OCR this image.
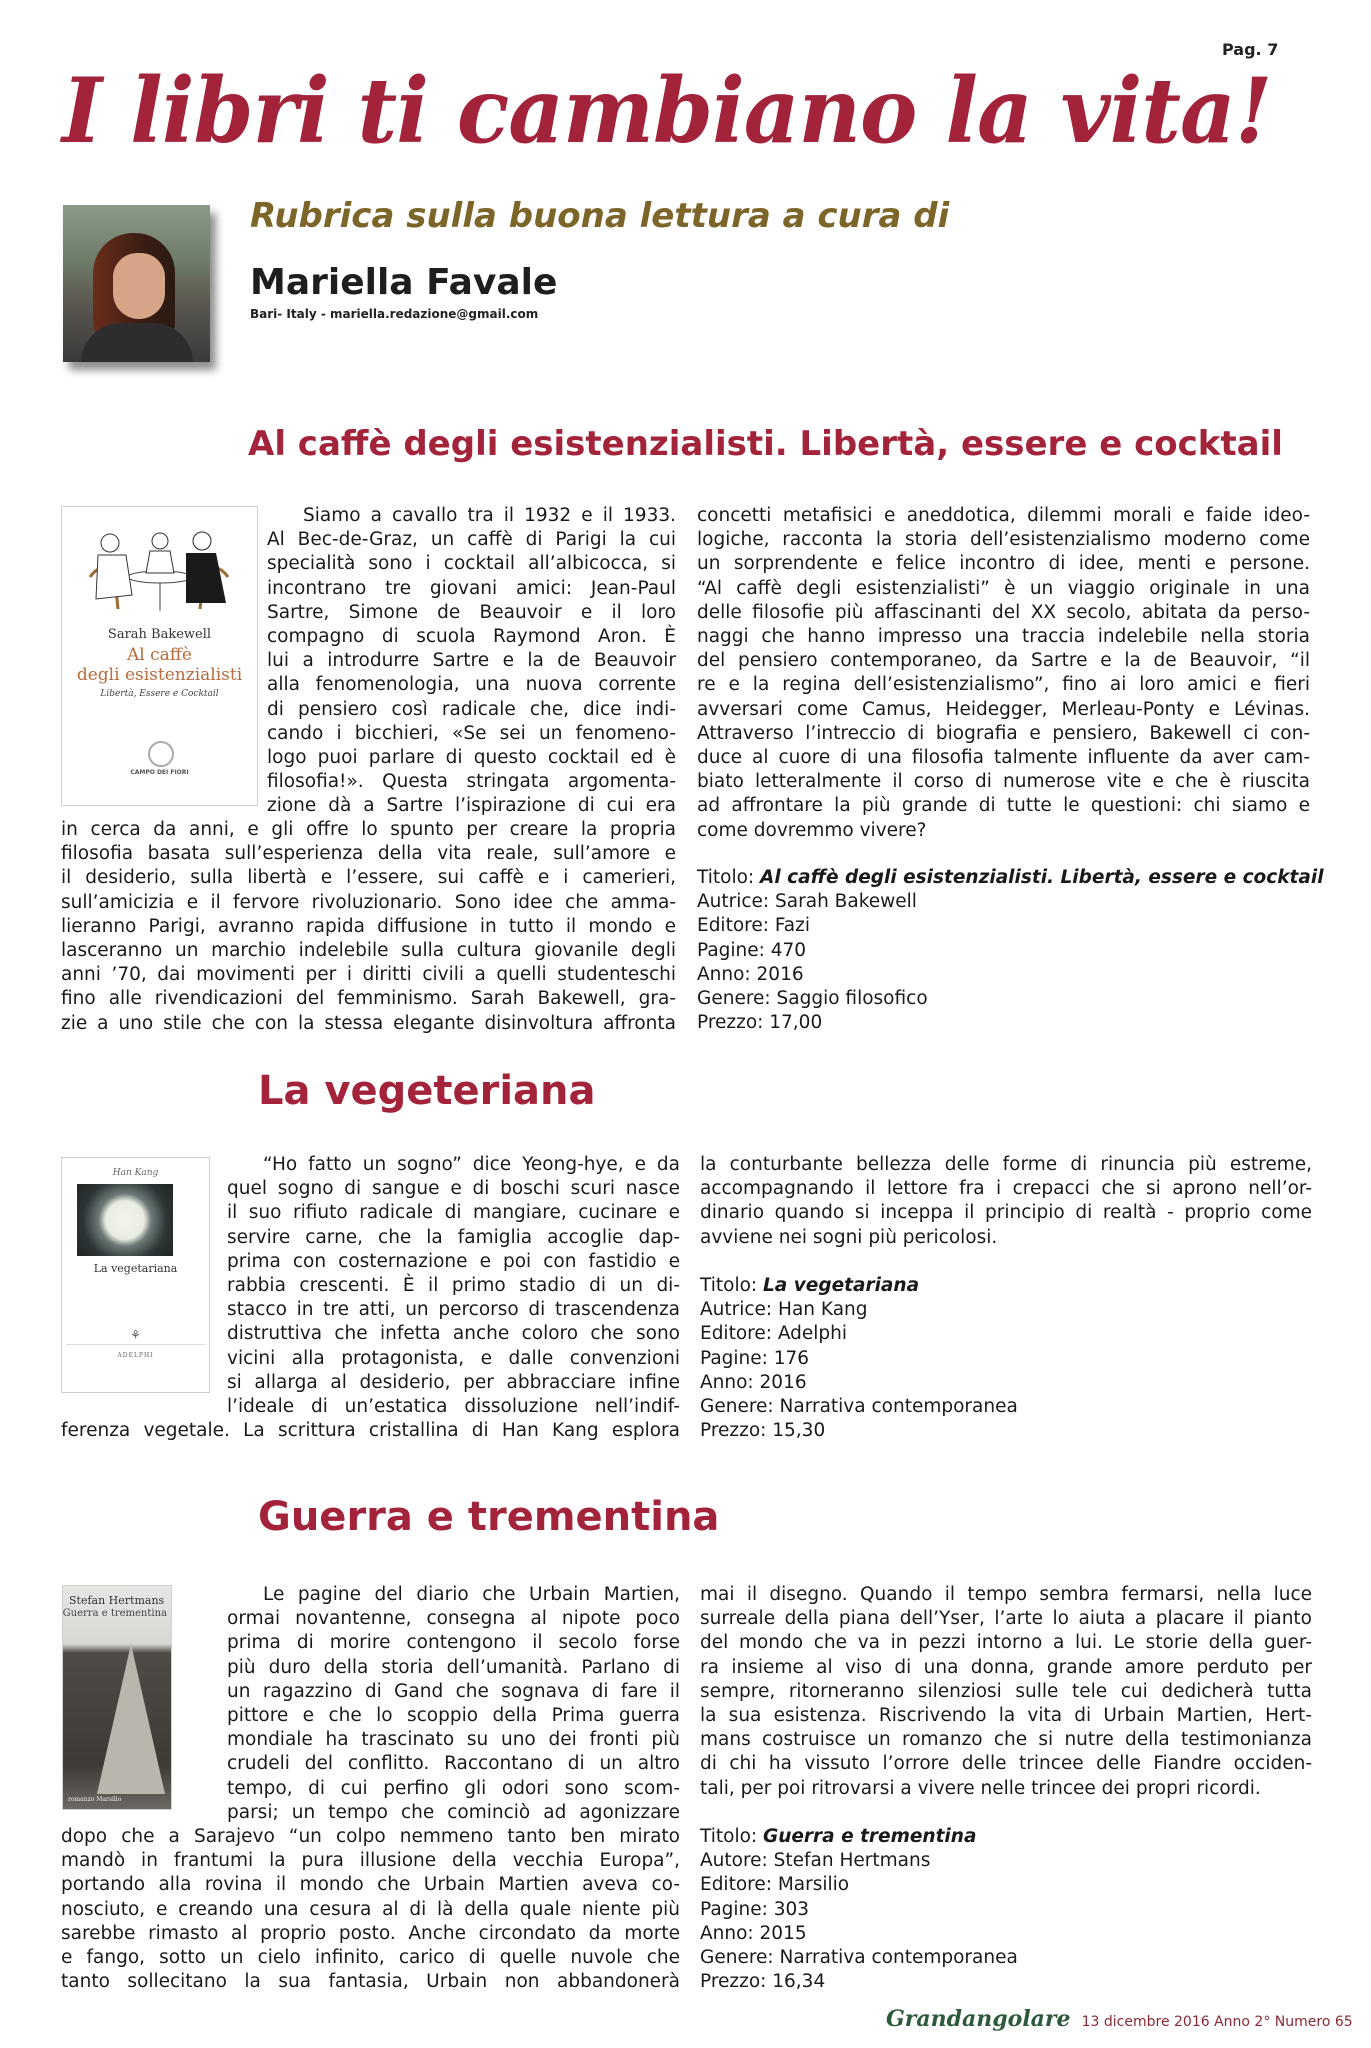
Pag. 7
I libri ti cambiano la vita!
Rubrica sulla buona lettura a cura di
Mariella Favale
Bari- Italy - mariella.redazione@gmail.com
Al caffè degli esistenzialisti. Libertà, essere e cocktail
Sarah Bakewell
Al caffè
degli esistenzialisti
Libertà, Essere e Cocktail
CAMPO DEI FIORI
Siamo a cavallo tra il 1932 e il 1933.
Al Bec-de-Graz, un caffè di Parigi la cui
specialità sono i cocktail all’albicocca, si
incontrano tre giovani amici: Jean-Paul
Sartre, Simone de Beauvoir e il loro
compagno di scuola Raymond Aron. È
lui a introdurre Sartre e la de Beauvoir
alla fenomenologia, una nuova corrente
di pensiero così radicale che, dice indi-
cando i bicchieri, «Se sei un fenomeno-
logo puoi parlare di questo cocktail ed è
filosofia!». Questa stringata argomenta-
zione dà a Sartre l’ispirazione di cui era
in cerca da anni, e gli offre lo spunto per creare la propria
filosofia basata sull’esperienza della vita reale, sull’amore e
il desiderio, sulla libertà e l’essere, sui caffè e i camerieri,
sull’amicizia e il fervore rivoluzionario. Sono idee che amma-
lieranno Parigi, avranno rapida diffusione in tutto il mondo e
lasceranno un marchio indelebile sulla cultura giovanile degli
anni ’70, dai movimenti per i diritti civili a quelli studenteschi
fino alle rivendicazioni del femminismo. Sarah Bakewell, gra-
zie a uno stile che con la stessa elegante disinvoltura affronta
concetti metafisici e aneddotica, dilemmi morali e faide ideo-
logiche, racconta la storia dell’esistenzialismo moderno come
un sorprendente e felice incontro di idee, menti e persone.
“Al caffè degli esistenzialisti” è un viaggio originale in una
delle filosofie più affascinanti del XX secolo, abitata da perso-
naggi che hanno impresso una traccia indelebile nella storia
del pensiero contemporaneo, da Sartre e la de Beauvoir, “il
re e la regina dell’esistenzialismo”, fino ai loro amici e fieri
avversari come Camus, Heidegger, Merleau-Ponty e Lévinas.
Attraverso l’intreccio di biografia e pensiero, Bakewell ci con-
duce al cuore di una filosofia talmente influente da aver cam-
biato letteralmente il corso di numerose vite e che è riuscita
ad affrontare la più grande di tutte le questioni: chi siamo e
come dovremmo vivere?
Titolo: Al caffè degli esistenzialisti. Libertà, essere e cocktail
Autrice: Sarah Bakewell
Editore: Fazi
Pagine: 470
Anno: 2016
Genere: Saggio filosofico
Prezzo: 17,00
La vegeteriana
Han Kang
La vegetariana
⚘
ADELPHI
“Ho fatto un sogno” dice Yeong-hye, e da
quel sogno di sangue e di boschi scuri nasce
il suo rifiuto radicale di mangiare, cucinare e
servire carne, che la famiglia accoglie dap-
prima con costernazione e poi con fastidio e
rabbia crescenti. È il primo stadio di un di-
stacco in tre atti, un percorso di trascendenza
distruttiva che infetta anche coloro che sono
vicini alla protagonista, e dalle convenzioni
si allarga al desiderio, per abbracciare infine
l’ideale di un’estatica dissoluzione nell’indif-
ferenza vegetale. La scrittura cristallina di Han Kang esplora
la conturbante bellezza delle forme di rinuncia più estreme,
accompagnando il lettore fra i crepacci che si aprono nell’or-
dinario quando si inceppa il principio di realtà - proprio come
avviene nei sogni più pericolosi.
Titolo: La vegetariana
Autrice: Han Kang
Editore: Adelphi
Pagine: 176
Anno: 2016
Genere: Narrativa contemporanea
Prezzo: 15,30
Guerra e trementina
Stefan Hertmans
Guerra e trementina
romanzo Marsilio
Le pagine del diario che Urbain Martien,
ormai novantenne, consegna al nipote poco
prima di morire contengono il secolo forse
più duro della storia dell’umanità. Parlano di
un ragazzino di Gand che sognava di fare il
pittore e che lo scoppio della Prima guerra
mondiale ha trascinato su uno dei fronti più
crudeli del conflitto. Raccontano di un altro
tempo, di cui perfino gli odori sono scom-
parsi; un tempo che cominciò ad agonizzare
dopo che a Sarajevo “un colpo nemmeno tanto ben mirato
mandò in frantumi la pura illusione della vecchia Europa”,
portando alla rovina il mondo che Urbain Martien aveva co-
nosciuto, e creando una cesura al di là della quale niente più
sarebbe rimasto al proprio posto. Anche circondato da morte
e fango, sotto un cielo infinito, carico di quelle nuvole che
tanto sollecitano la sua fantasia, Urbain non abbandonerà
mai il disegno. Quando il tempo sembra fermarsi, nella luce
surreale della piana dell’Yser, l’arte lo aiuta a placare il pianto
del mondo che va in pezzi intorno a lui. Le storie della guer-
ra insieme al viso di una donna, grande amore perduto per
sempre, ritorneranno silenziosi sulle tele cui dedicherà tutta
la sua esistenza. Riscrivendo la vita di Urbain Martien, Hert-
mans costruisce un romanzo che si nutre della testimonianza
di chi ha vissuto l’orrore delle trincee delle Fiandre occiden-
tali, per poi ritrovarsi a vivere nelle trincee dei propri ricordi.
Titolo: Guerra e trementina
Autore: Stefan Hertmans
Editore: Marsilio
Pagine: 303
Anno: 2015
Genere: Narrativa contemporanea
Prezzo: 16,34
Grandangolare 13 dicembre 2016 Anno 2° Numero 65
